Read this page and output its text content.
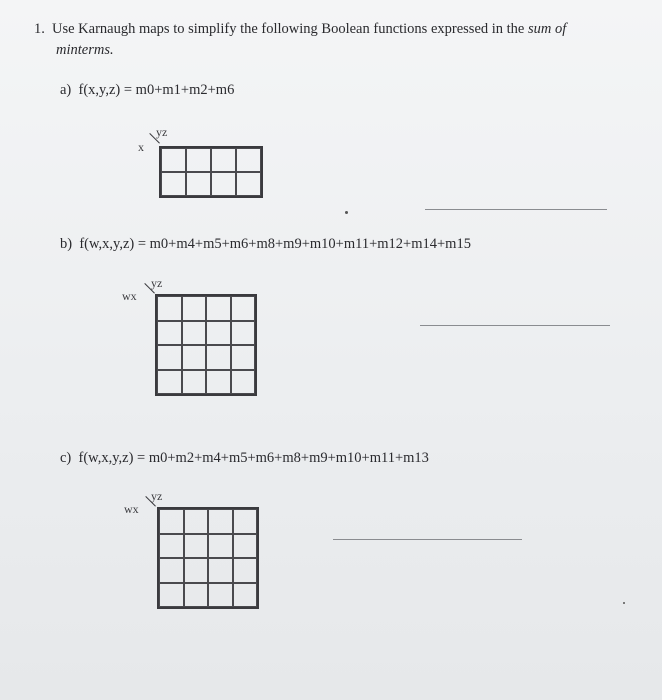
1. Use Karnaugh maps to simplify the following Boolean functions expressed in the sum of
minterms.
a) f(x,y,z) = m0+m1+m2+m6
x
yz
b) f(w,x,y,z) = m0+m4+m5+m6+m8+m9+m10+m11+m12+m14+m15
wx
yz
c) f(w,x,y,z) = m0+m2+m4+m5+m6+m8+m9+m10+m11+m13
wx
yz
